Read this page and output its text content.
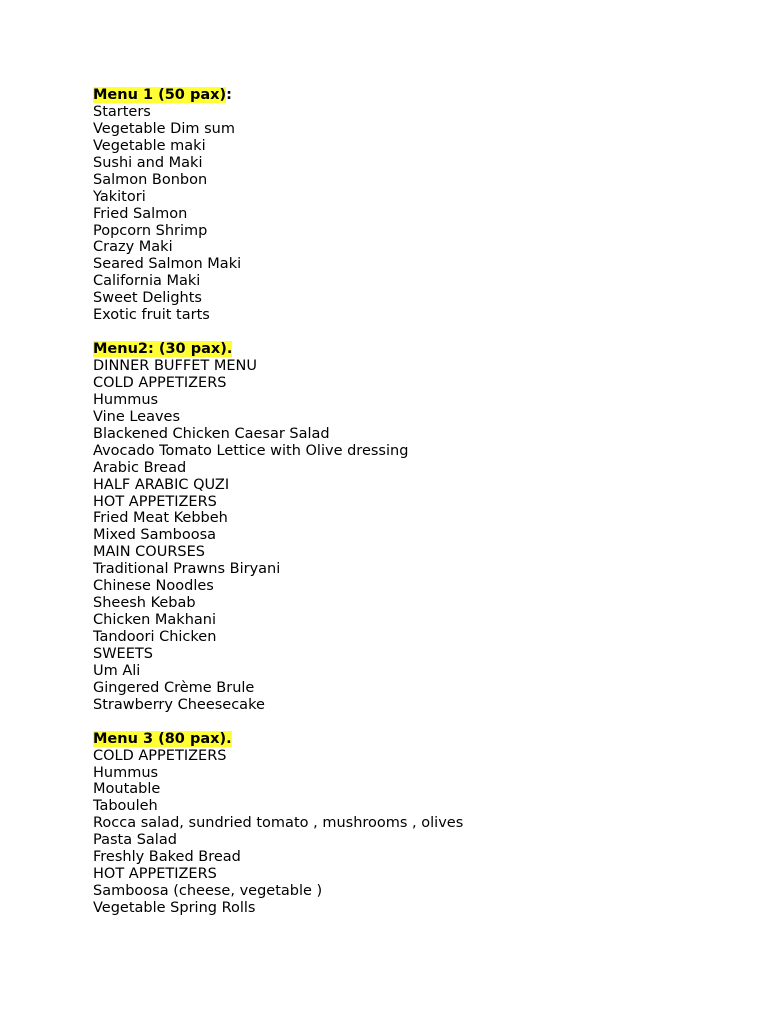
Menu 1 (50 pax):
Starters
Vegetable Dim sum
Vegetable maki
Sushi and Maki
Salmon Bonbon
Yakitori
Fried Salmon
Popcorn Shrimp
Crazy Maki
Seared Salmon Maki
California Maki
Sweet Delights
Exotic fruit tarts
Menu2: (30 pax).
DINNER BUFFET MENU
COLD APPETIZERS
Hummus
Vine Leaves
Blackened Chicken Caesar Salad
Avocado Tomato Lettice with Olive dressing
Arabic Bread
HALF ARABIC QUZI
HOT APPETIZERS
Fried Meat Kebbeh
Mixed Samboosa
MAIN COURSES
Traditional Prawns Biryani
Chinese Noodles
Sheesh Kebab
Chicken Makhani
Tandoori Chicken
SWEETS
Um Ali
Gingered Crème Brule
Strawberry Cheesecake
Menu 3 (80 pax).
COLD APPETIZERS
Hummus
Moutable
Tabouleh
Rocca salad, sundried tomato , mushrooms , olives
Pasta Salad
Freshly Baked Bread
HOT APPETIZERS
Samboosa (cheese, vegetable )
Vegetable Spring Rolls
